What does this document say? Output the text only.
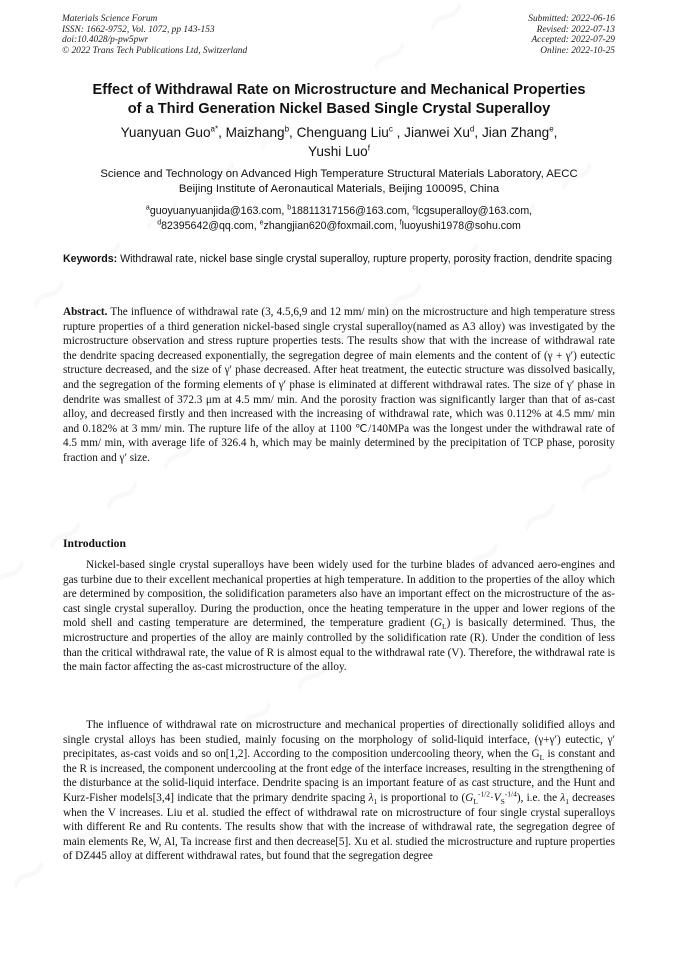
Materials Science Forum
ISSN: 1662-9752, Vol. 1072, pp 143-153
doi:10.4028/p-pw5pwr
© 2022 Trans Tech Publications Ltd, Switzerland
Submitted: 2022-06-16
Revised: 2022-07-13
Accepted: 2022-07-29
Online: 2022-10-25
Effect of Withdrawal Rate on Microstructure and Mechanical Properties
of a Third Generation Nickel Based Single Crystal Superalloy
Yuanyuan Guo$^{a*}$, Maizhang$^b$, Chenguang Liu$^c$ , Jianwei Xu$^d$, Jian Zhang$^e$,
Yushi Luo$^f$
Science and Technology on Advanced High Temperature Structural Materials Laboratory, AECC
Beijing Institute of Aeronautical Materials, Beijing 100095, China
$^a$guoyuanyuanjida@163.com, $^b$18811317156@163.com, $^c$lcgsuperalloy@163.com,
$^d$82395642@qq.com, $^e$zhangjian620@foxmail.com, $^f$luoyushi1978@sohu.com
Keywords: Withdrawal rate, nickel base single crystal superalloy, rupture property, porosity fraction, dendrite spacing
Abstract. The influence of withdrawal rate (3, 4.5,6,9 and 12 mm/ min) on the microstructure and high temperature stress rupture properties of a third generation nickel-based single crystal superalloy(named as A3 alloy) was investigated by the microstructure observation and stress rupture properties tests. The results show that with the increase of withdrawal rate the dendrite spacing decreased exponentially, the segregation degree of main elements and the content of (γ + γ′) eutectic structure decreased, and the size of γ′ phase decreased. After heat treatment, the eutectic structure was dissolved basically, and the segregation of the forming elements of γ′ phase is eliminated at different withdrawal rates. The size of γ′ phase in dendrite was smallest of 372.3 μm at 4.5 mm/ min. And the porosity fraction was significantly larger than that of as-cast alloy, and decreased firstly and then increased with the increasing of withdrawal rate, which was 0.112% at 4.5 mm/ min and 0.182% at 3 mm/ min. The rupture life of the alloy at 1100 ℃/140MPa was the longest under the withdrawal rate of 4.5 mm/ min, with average life of 326.4 h, which may be mainly determined by the precipitation of TCP phase, porosity fraction and γ′ size.
Introduction
Nickel-based single crystal superalloys have been widely used for the turbine blades of advanced aero-engines and gas turbine due to their excellent mechanical properties at high temperature. In addition to the properties of the alloy which are determined by composition, the solidification parameters also have an important effect on the microstructure of the as-cast single crystal superalloy. During the production, once the heating temperature in the upper and lower regions of the mold shell and casting temperature are determined, the temperature gradient $(G_L)$ is basically determined. Thus, the microstructure and properties of the alloy are mainly controlled by the solidification rate (R). Under the condition of less than the critical withdrawal rate, the value of R is almost equal to the withdrawal rate (V). Therefore, the withdrawal rate is the main factor affecting the as-cast microstructure of the alloy.
The influence of withdrawal rate on microstructure and mechanical properties of directionally solidified alloys and single crystal alloys has been studied, mainly focusing on the morphology of solid-liquid interface, (γ+γ′) eutectic, γ′ precipitates, as-cast voids and so on[1,2]. According to the composition undercooling theory, when the $G_L$ is constant and the R is increased, the component undercooling at the front edge of the interface increases, resulting in the strengthening of the disturbance at the solid-liquid interface. Dendrite spacing is an important feature of as cast structure, and the Hunt and Kurz-Fisher models[3,4] indicate that the primary dendrite spacing $\lambda_1$ is proportional to $(G_L^{-1/2}\cdot V_S^{-1/4})$, i.e. the $\lambda_1$ decreases when the V increases. Liu et al. studied the effect of withdrawal rate on microstructure of four single crystal superalloys with different Re and Ru contents. The results show that with the increase of withdrawal rate, the segregation degree of main elements Re, W, Al, Ta increase first and then decrease[5]. Xu et al. studied the microstructure and rupture properties of DZ445 alloy at different withdrawal rates, but found that the segregation degree
